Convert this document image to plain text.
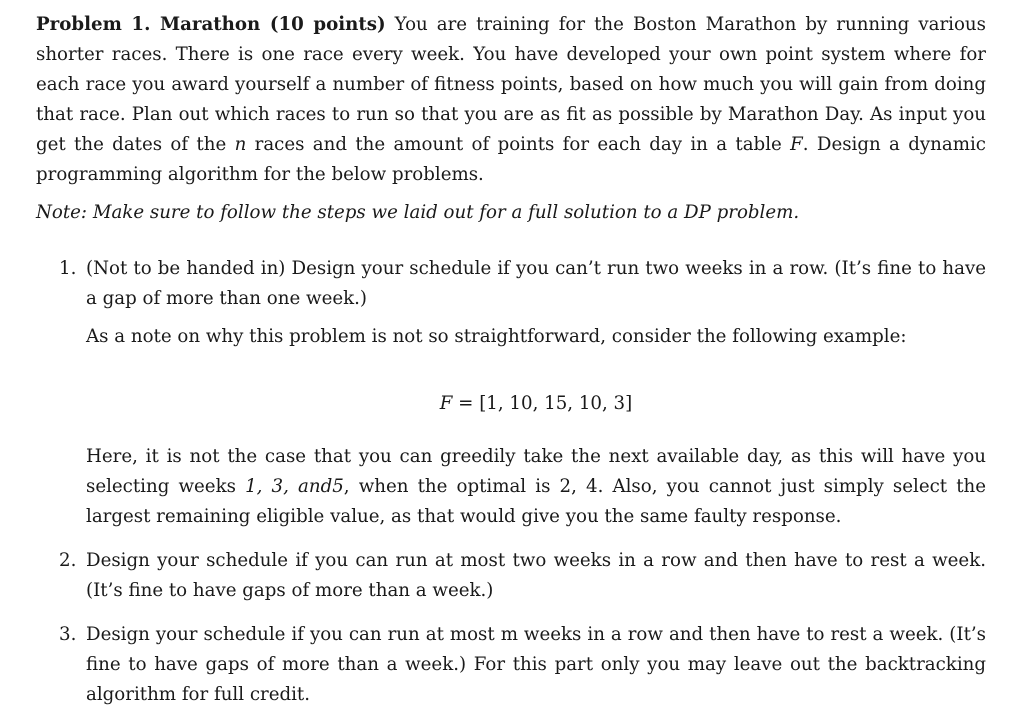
Problem 1. Marathon (10 points) You are training for the Boston Marathon by running various shorter races. There is one race every week. You have developed your own point system where for each race you award yourself a number of fitness points, based on how much you will gain from doing that race. Plan out which races to run so that you are as fit as possible by Marathon Day. As input you get the dates of the n races and the amount of points for each day in a table F. Design a dynamic programming algorithm for the below problems.

Note: Make sure to follow the steps we laid out for a full solution to a DP problem.

1. (Not to be handed in) Design your schedule if you can’t run two weeks in a row. (It’s fine to have a gap of more than one week.)

As a note on why this problem is not so straightforward, consider the following example:

F = [1, 10, 15, 10, 3]

Here, it is not the case that you can greedily take the next available day, as this will have you selecting weeks 1, 3, and5, when the optimal is 2, 4. Also, you cannot just simply select the largest remaining eligible value, as that would give you the same faulty response.

2. Design your schedule if you can run at most two weeks in a row and then have to rest a week. (It’s fine to have gaps of more than a week.)

3. Design your schedule if you can run at most m weeks in a row and then have to rest a week. (It’s fine to have gaps of more than a week.) For this part only you may leave out the backtracking algorithm for full credit.
